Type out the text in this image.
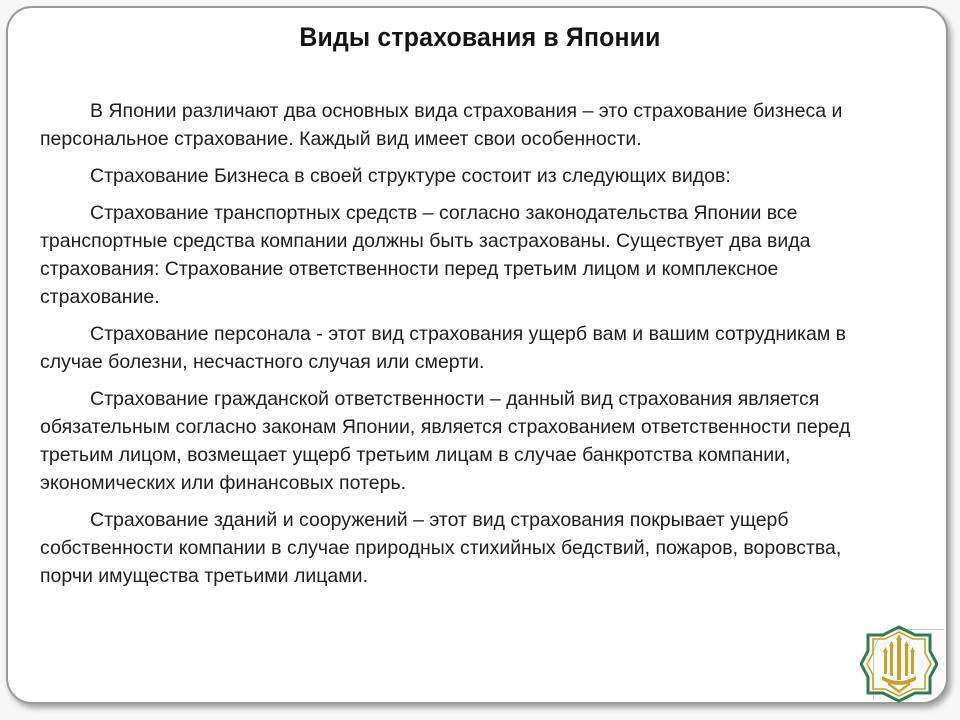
Виды страхования в Японии

В Японии различают два основных вида страхования – это страхование бизнеса и персональное страхование. Каждый вид имеет свои особенности.

Страхование Бизнеса в своей структуре состоит из следующих видов:

Страхование транспортных средств – согласно законодательства Японии все транспортные средства компании должны быть застрахованы. Существует два вида страхования: Страхование ответственности перед третьим лицом и комплексное страхование.

Страхование персонала - этот вид страхования ущерб вам и вашим сотрудникам в случае болезни, несчастного случая или смерти.

Страхование гражданской ответственности – данный вид страхования является обязательным согласно законам Японии, является страхованием ответственности перед третьим лицом, возмещает ущерб третьим лицам в случае банкротства компании, экономических или финансовых потерь.

Страхование зданий и сооружений – этот вид страхования покрывает ущерб собственности компании в случае природных стихийных бедствий, пожаров, воровства, порчи имущества третьими лицами.
